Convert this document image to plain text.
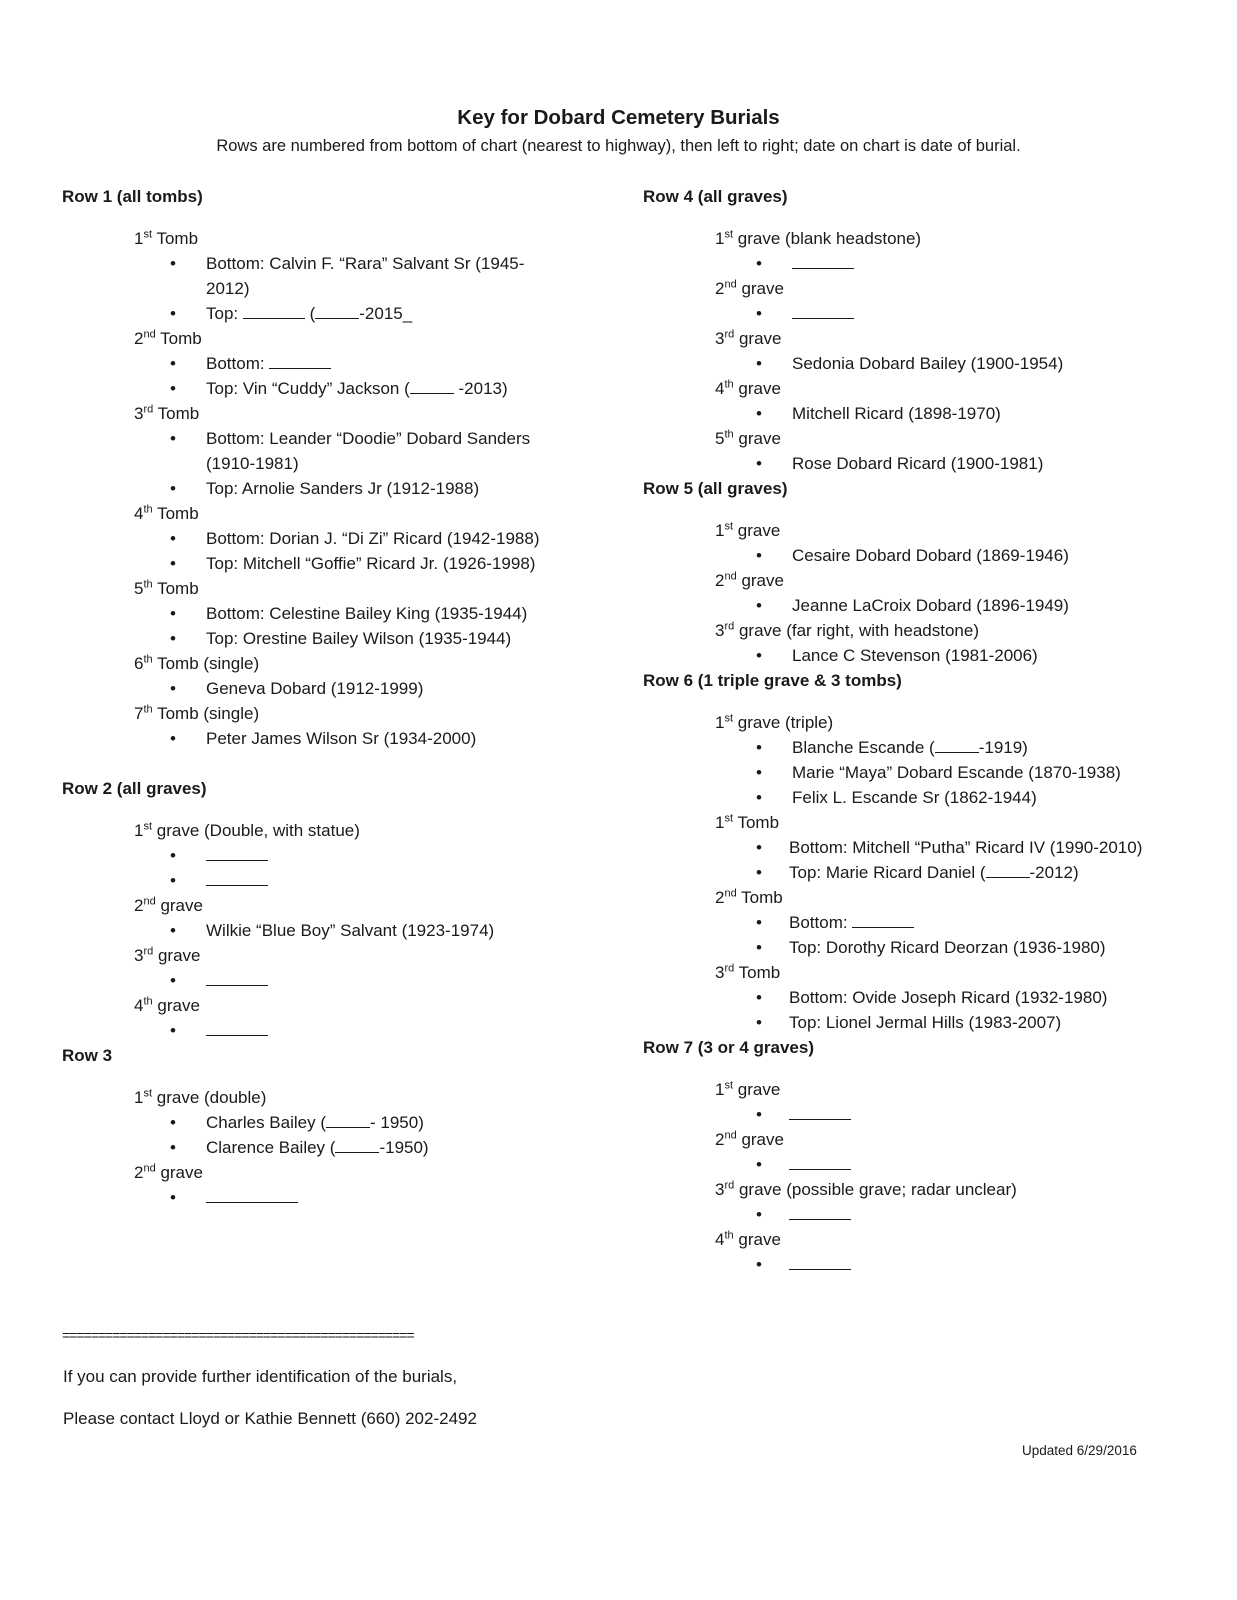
Key for Dobard Cemetery Burials
Rows are numbered from bottom of chart (nearest to highway), then left to right; date on chart is date of burial.
Row 1 (all tombs)
1st Tomb
• Bottom: Calvin F. “Rara” Salvant Sr (1945-2012)
• Top:	(	-2015_
2nd Tomb
• Bottom:
• Top: Vin “Cuddy” Jackson (	-2013)
3rd Tomb
• Bottom: Leander “Doodie” Dobard Sanders (1910-1981)
• Top: Arnolie Sanders Jr (1912-1988)
4th Tomb
• Bottom: Dorian J. “Di Zi” Ricard (1942-1988)
• Top: Mitchell “Goffie” Ricard Jr. (1926-1998)
5th Tomb
• Bottom: Celestine Bailey King (1935-1944)
• Top: Orestine Bailey Wilson (1935-1944)
6th Tomb (single)
• Geneva Dobard (1912-1999)
7th Tomb (single)
• Peter James Wilson Sr (1934-2000)
Row 2 (all graves)
1st grave (Double, with statue)
•
•
2nd grave
• Wilkie “Blue Boy” Salvant (1923-1974)
3rd grave
•
4th grave
•
Row 3
1st grave (double)
• Charles Bailey (	- 1950)
• Clarence Bailey (	-1950)
2nd grave
•
Row 4 (all graves)
1st grave (blank headstone)
•
2nd grave
•
3rd grave
• Sedonia Dobard Bailey (1900-1954)
4th grave
• Mitchell Ricard (1898-1970)
5th grave
• Rose Dobard Ricard (1900-1981)
Row 5 (all graves)
1st grave
• Cesaire Dobard Dobard (1869-1946)
2nd grave
• Jeanne LaCroix Dobard (1896-1949)
3rd grave (far right, with headstone)
• Lance C Stevenson (1981-2006)
Row 6 (1 triple grave & 3 tombs)
1st grave (triple)
• Blanche Escande (	-1919)
• Marie “Maya” Dobard Escande (1870-1938)
• Felix L. Escande Sr (1862-1944)
1st Tomb
• Bottom: Mitchell “Putha” Ricard IV (1990-2010)
• Top: Marie Ricard Daniel (	-2012)
2nd Tomb
• Bottom:
• Top: Dorothy Ricard Deorzan (1936-1980)
3rd Tomb
• Bottom: Ovide Joseph Ricard (1932-1980)
• Top: Lionel Jermal Hills (1983-2007)
Row 7 (3 or 4 graves)
1st grave
•
2nd grave
•
3rd grave (possible grave; radar unclear)
•
4th grave
•
=================================================
If you can provide further identification of the burials,
Please contact Lloyd or Kathie Bennett (660) 202-2492
Updated 6/29/2016
